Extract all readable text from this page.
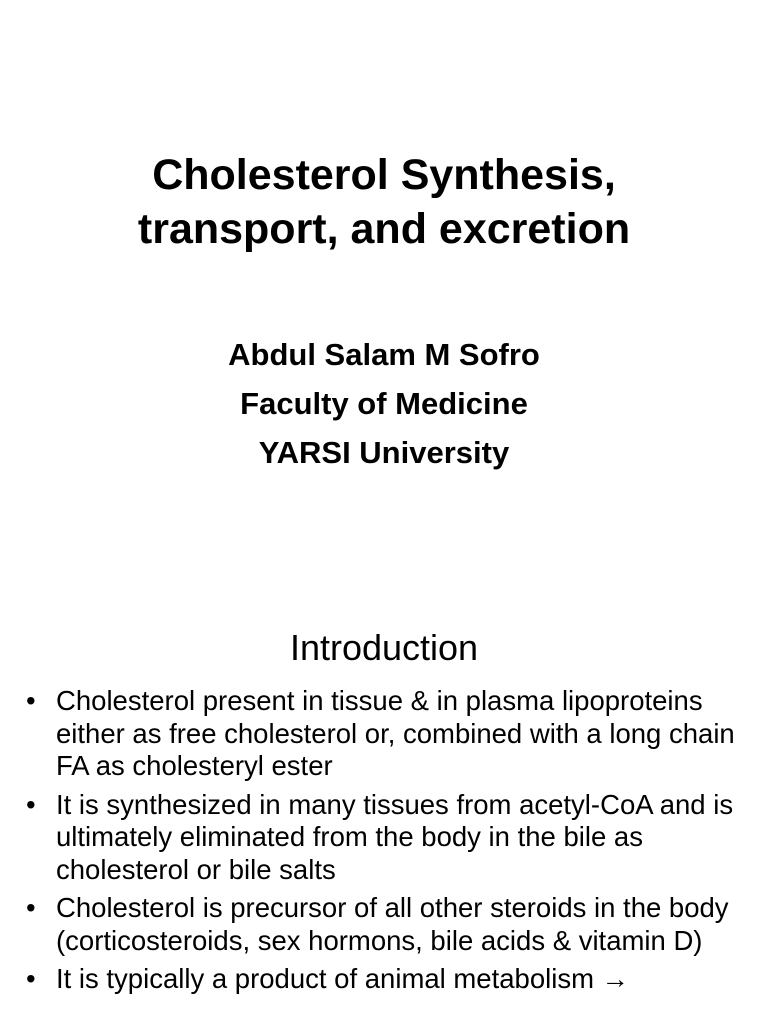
Cholesterol Synthesis,
transport, and excretion
Abdul Salam M Sofro
Faculty of Medicine
YARSI University
Introduction
• Cholesterol present in tissue & in plasma lipoproteins either as free cholesterol or, combined with a long chain FA as cholesteryl ester
• It is synthesized in many tissues from acetyl-CoA and is ultimately eliminated from the body in the bile as cholesterol or bile salts
• Cholesterol is precursor of all other steroids in the body (corticosteroids, sex hormons, bile acids & vitamin D)
• It is typically a product of animal metabolism →
